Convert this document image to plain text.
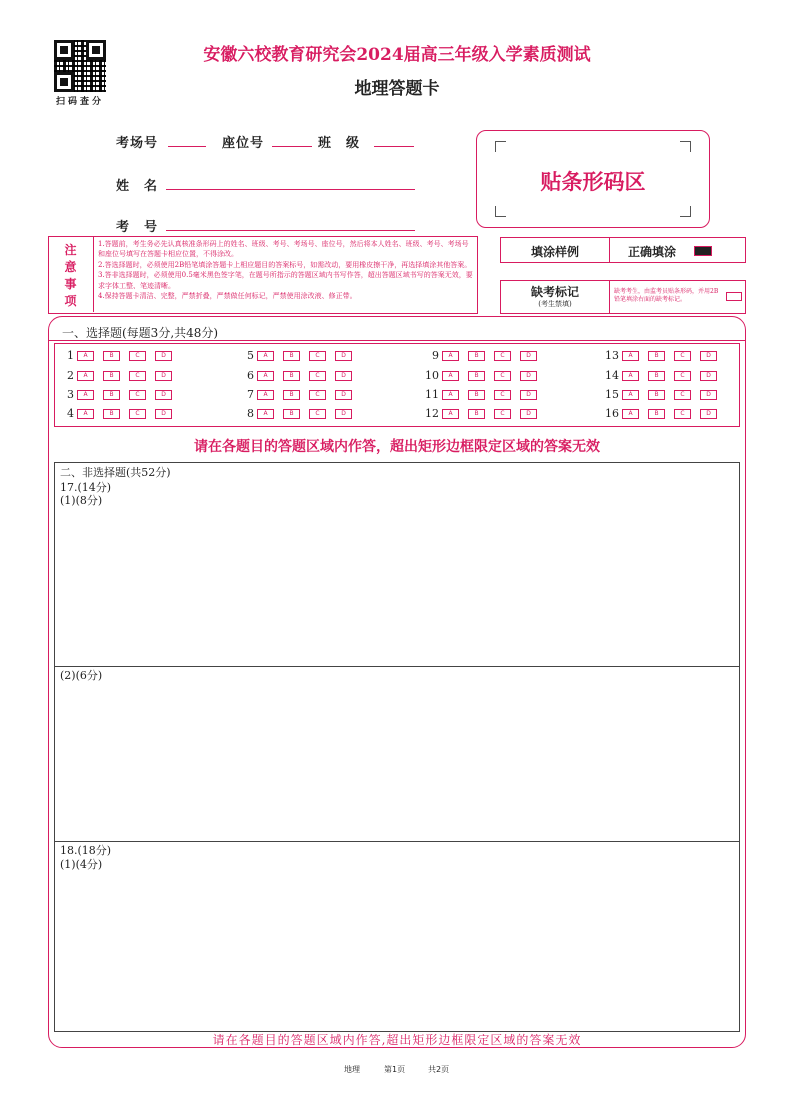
扫码查分
安徽六校教育研究会2024届高三年级入学素质测试
地理答题卡
考场号	座位号	班　级
姓　名
考　号
贴条形码区
注
意
事
项
1.答题前，考生务必先认真核准条形码上的姓名、班级、考号、考场号、座位号，然后将本人姓名、班级、考号、考场号和座位号填写在答题卡相应位置，不得涂改。
2.答选择题时，必须使用2B铅笔填涂答题卡上相应题目的答案标号，如需改动，要用橡皮擦干净，再选择填涂其他答案。
3.答非选择题时，必须使用0.5毫米黑色签字笔，在题号所指示的答题区域内书写作答，超出答题区域书写的答案无效，要求字体工整、笔迹清晰。
4.保持答题卡清洁、完整，严禁折叠，严禁做任何标记，严禁使用涂改液、修正带。
填涂样例	正确填涂
缺考标记
(考生禁填)
缺考考生，由监考员贴条形码，并用2B铅笔填涂右面的缺考标记。
一、选择题(每题3分,共48分)
1 A	B	C	D
2 A	B	C	D
3 A	B	C	D
4 A	B	C	D
5 A	B	C	D
6 A	B	C	D
7 A	B	C	D
8 A	B	C	D
9 A	B	C	D
10 A	B	C	D
11 A	B	C	D
12 A	B	C	D
13 A	B	C	D
14 A	B	C	D
15 A	B	C	D
16 A	B	C	D
请在各题目的答题区域内作答，超出矩形边框限定区域的答案无效
二、非选择题(共52分)
17.(14分)
(1)(8分)
(2)(6分)
18.(18分)
(1)(4分)
请在各题目的答题区域内作答,超出矩形边框限定区域的答案无效
地理	第1页	共2页
